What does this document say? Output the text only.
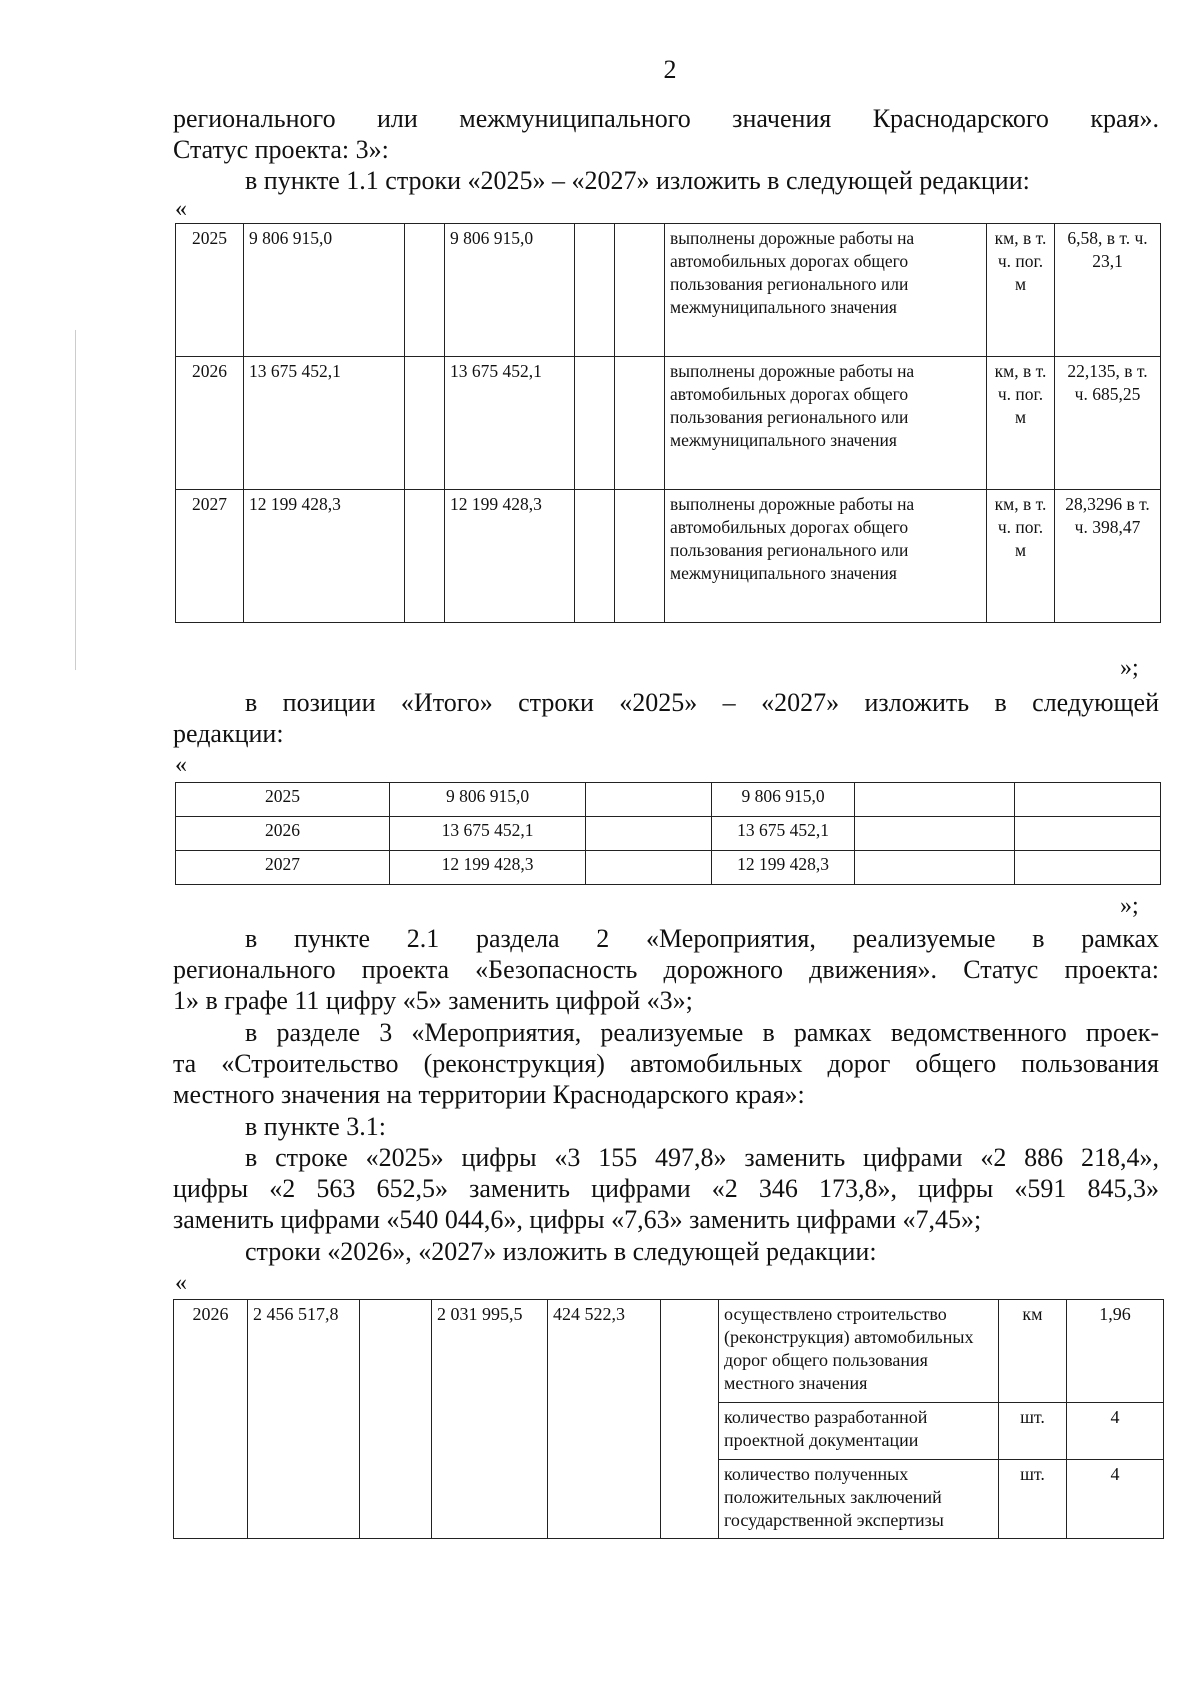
2
регионального или межмуниципального значения Краснодарского края».
Статус проекта: 3»:
в пункте 1.1 строки «2025» – «2027» изложить в следующей редакции:
«
2025	9 806 915,0		9 806 915,0			выполнены дорожные работы на автомобильных дорогах общего пользования регионального или межмуниципального значения	км, в т. ч. пог. м	6,58, в т. ч. 23,1
2026	13 675 452,1		13 675 452,1			выполнены дорожные работы на автомобильных дорогах общего пользования регионального или межмуниципального значения	км, в т. ч. пог. м	22,135, в т. ч. 685,25
2027	12 199 428,3		12 199 428,3			выполнены дорожные работы на автомобильных дорогах общего пользования регионального или межмуниципального значения	км, в т. ч. пог. м	28,3296 в т. ч. 398,47
»;
в позиции «Итого» строки «2025» – «2027» изложить в следующей
редакции:
«
2025	9 806 915,0		9 806 915,0		
2026	13 675 452,1		13 675 452,1		
2027	12 199 428,3		12 199 428,3		
»;
в пункте 2.1 раздела 2 «Мероприятия, реализуемые в рамках
регионального проекта «Безопасность дорожного движения». Статус проекта:
1» в графе 11 цифру «5» заменить цифрой «3»;
в разделе 3 «Мероприятия, реализуемые в рамках ведомственного проек-
та «Строительство (реконструкция) автомобильных дорог общего пользования
местного значения на территории Краснодарского края»:
в пункте 3.1:
в строке «2025» цифры «3 155 497,8» заменить цифрами «2 886 218,4»,
цифры «2 563 652,5» заменить цифрами «2 346 173,8», цифры «591 845,3»
заменить цифрами «540 044,6», цифры «7,63» заменить цифрами «7,45»;
строки «2026», «2027» изложить в следующей редакции:
«
2026	2 456 517,8		2 031 995,5	424 522,3		осуществлено строительство (реконструкция) автомобильных дорог общего пользования местного значения	км	1,96
						количество разработанной проектной документации	шт.	4
						количество полученных положительных заключений государственной экспертизы	шт.	4
